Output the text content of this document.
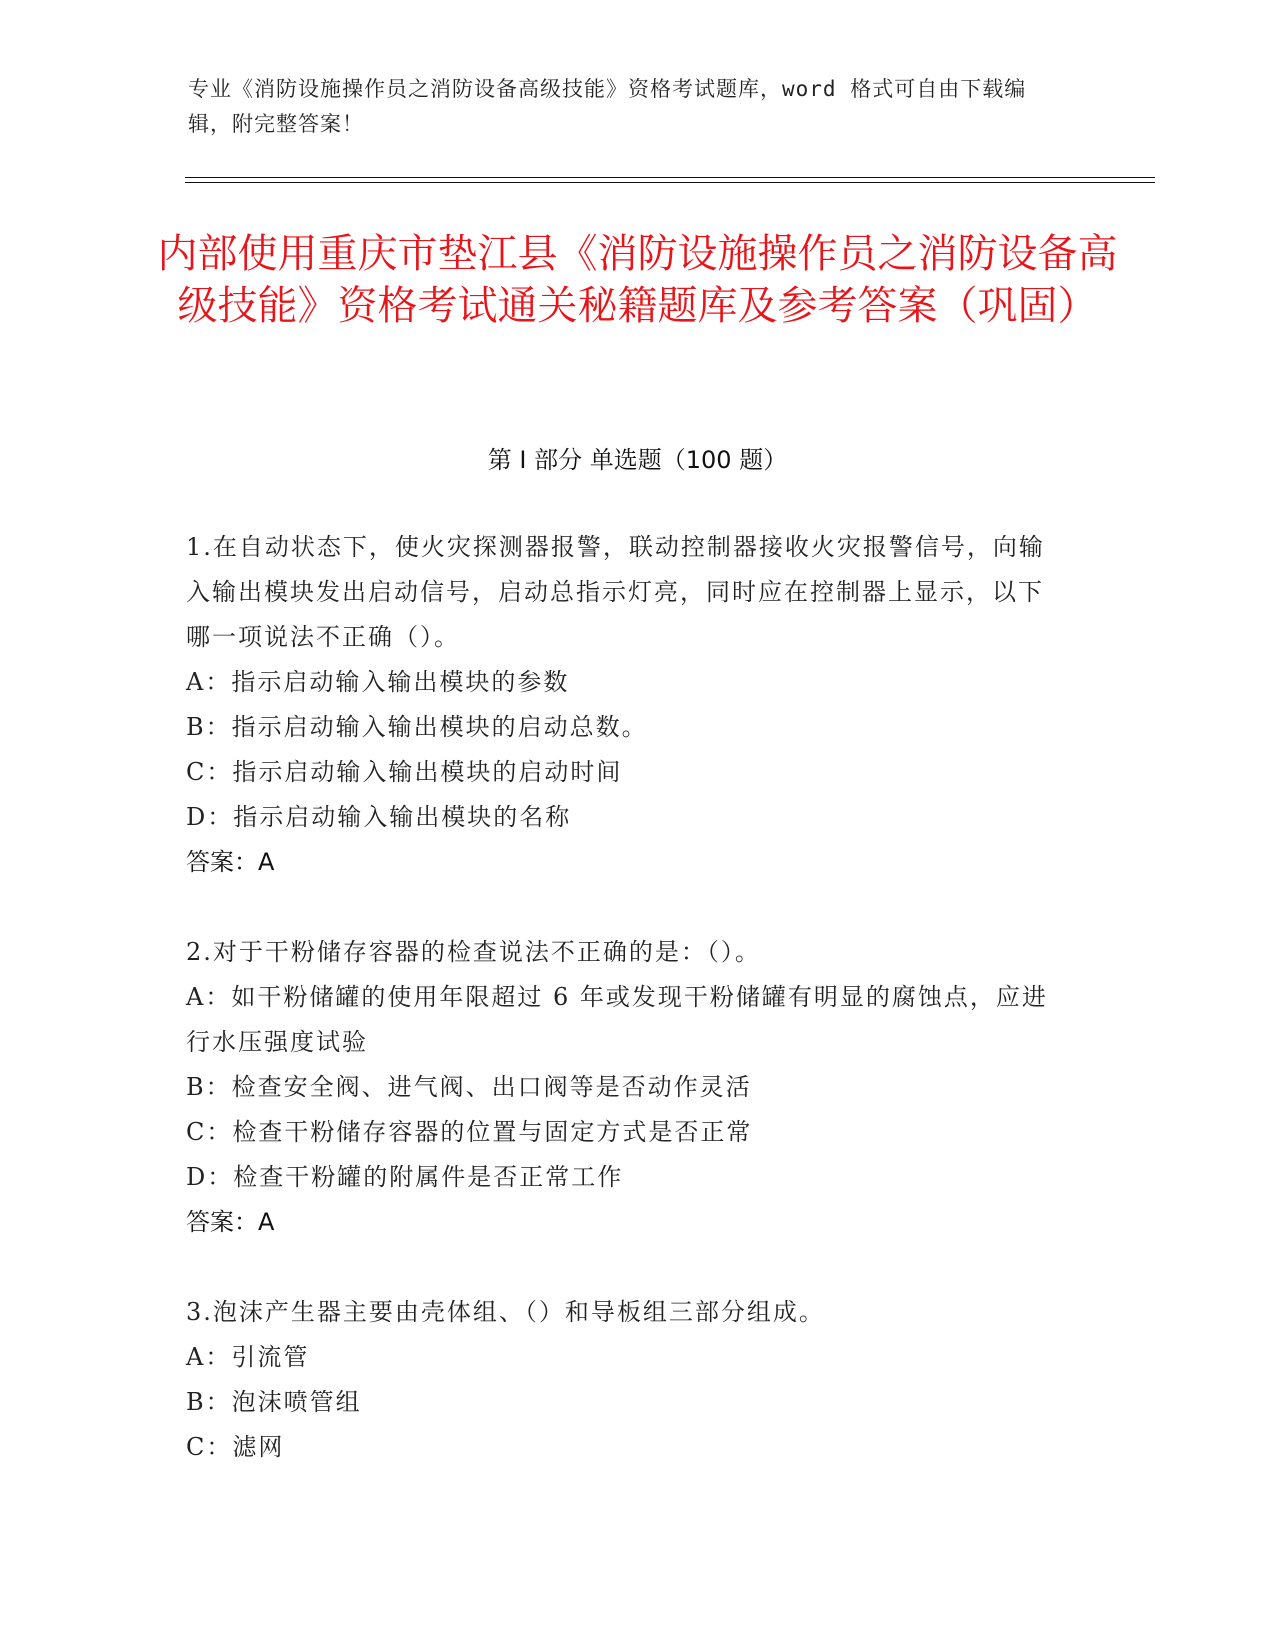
专业《消防设施操作员之消防设备高级技能》资格考试题库，word 格式可自由下载编辑，附完整答案！
内部使用重庆市垫江县《消防设施操作员之消防设备高级技能》资格考试通关秘籍题库及参考答案（巩固）
第 I 部分 单选题（100 题）

1.在自动状态下，使火灾探测器报警，联动控制器接收火灾报警信号，向输入输出模块发出启动信号，启动总指示灯亮，同时应在控制器上显示，以下哪一项说法不正确（）。

A：指示启动输入输出模块的参数

B：指示启动输入输出模块的启动总数。

C：指示启动输入输出模块的启动时间

D：指示启动输入输出模块的名称

答案：A

2.对于干粉储存容器的检查说法不正确的是：（）。

A：如干粉储罐的使用年限超过 6 年或发现干粉储罐有明显的腐蚀点，应进行水压强度试验

B：检查安全阀、进气阀、出口阀等是否动作灵活

C：检查干粉储存容器的位置与固定方式是否正常

D：检查干粉罐的附属件是否正常工作

答案：A

3.泡沫产生器主要由壳体组、（）和导板组三部分组成。

A：引流管

B：泡沫喷管组

C：滤网
